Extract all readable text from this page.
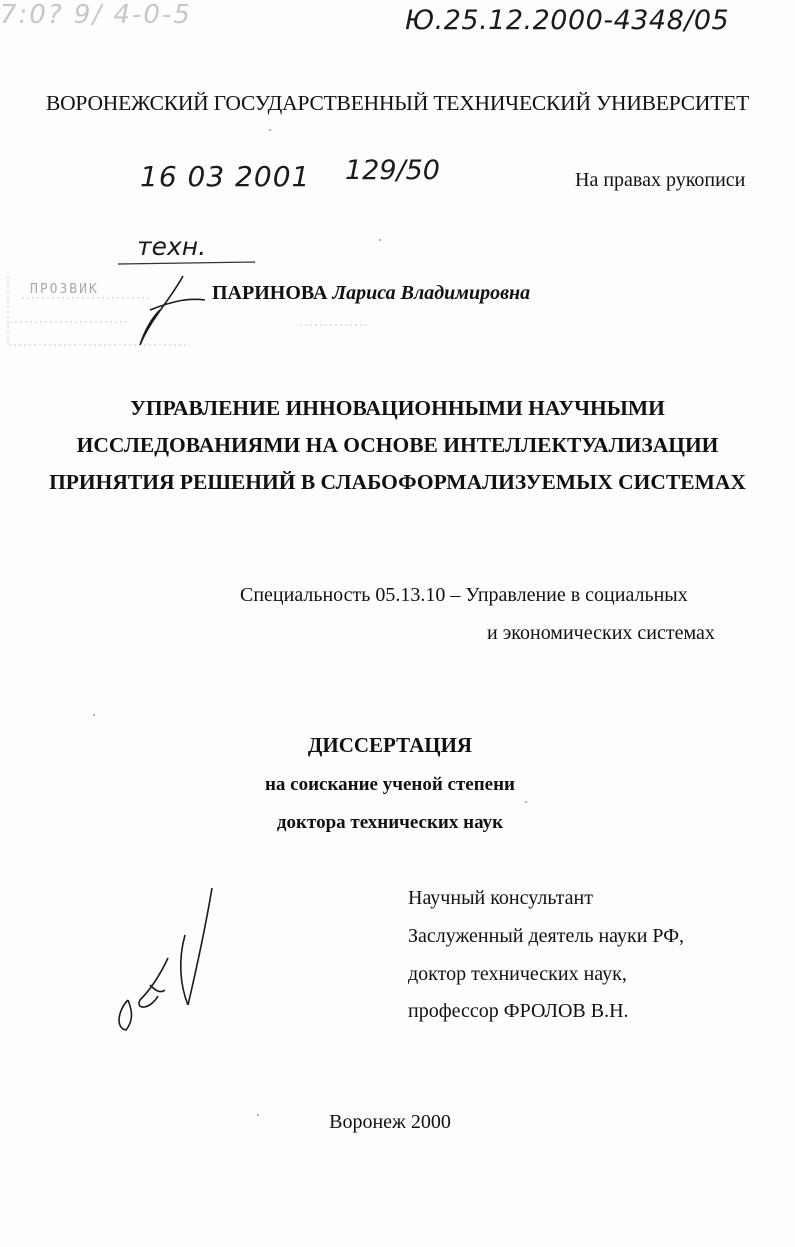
7:0? 9/ 4-0-5	Ю.25.12.2000-4348/05
ВОРОНЕЖСКИЙ ГОСУДАРСТВЕННЫЙ ТЕХНИЧЕСКИЙ УНИВЕРСИТЕТ
16 03 2001 129/50	На правах рукописи
техн.
ПРОЗВИК	ПАРИНОВА Лариса Владимировна
УПРАВЛЕНИЕ ИННОВАЦИОННЫМИ НАУЧНЫМИ
ИССЛЕДОВАНИЯМИ НА ОСНОВЕ ИНТЕЛЛЕКТУАЛИЗАЦИИ
ПРИНЯТИЯ РЕШЕНИЙ В СЛАБОФОРМАЛИЗУЕМЫХ СИСТЕМАХ
Специальность 05.13.10 – Управление в социальных
и экономических системах
ДИССЕРТАЦИЯ
на соискание ученой степени
доктора технических наук
Научный консультант
Заслуженный деятель науки РФ,
доктор технических наук,
профессор ФРОЛОВ В.Н.
Воронеж 2000
